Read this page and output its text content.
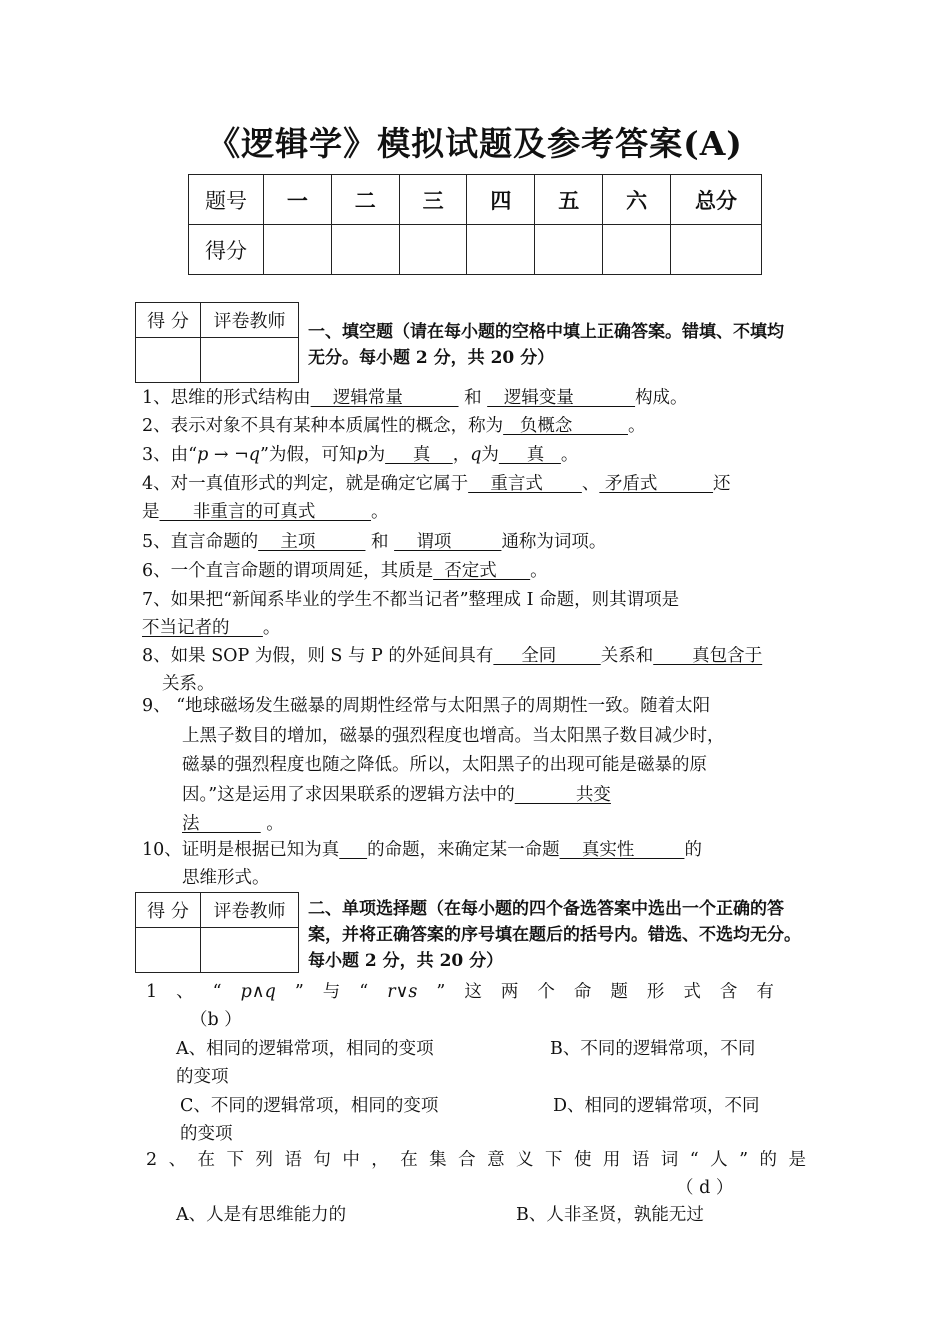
《逻辑学》模拟试题及参考答案(A)
题号	一	二	三	四	五	六	总分
得分							
得 分	评卷教师
	一、填空题（请在每小题的空格中填上正确答案。错填、不填均
无分。每小题 2 分，共 20 分）
1、思维的形式结构由    逻辑常量           和    逻辑变量           构成。
2、表示对象不具有某种本质属性的概念，称为   负概念          。
3、由“p → ¬q”为假，可知p为     真    ，q为     真   。
4、对一真值形式的判定，就是确定它属于    重言式       、 矛盾式          还
是      非重言的可真式          。
5、直言命题的    主项          和     谓项         通称为词项。
6、一个直言命题的谓项周延，其质是  否定式      。
7、如果把“新闻系毕业的学生不都当记者”整理成 I 命题，则其谓项是
不当记者的      。
8、如果 SOP 为假，则 S 与 P 的外延间具有     全同        关系和       真包含于
关系。
9、 “地球磁场发生磁暴的周期性经常与太阳黑子的周期性一致。随着太阳
上黑子数目的增加，磁暴的强烈程度也增高。当太阳黑子数目减少时，
磁暴的强烈程度也随之降低。所以，太阳黑子的出现可能是磁暴的原
因。”这是运用了求因果联系的逻辑方法中的           共变
法            。
10、证明是根据已知为真 的命题，来确定某一命题    真实性         的
思维形式。
得 分	评卷教师
	二、单项选择题（在每小题的四个备选答案中选出一个正确的答
案，并将正确答案的序号填在题后的括号内。错选、不选均无分。
每小题 2 分，共 20 分）
1 、 “ p∧q ” 与 “ r∨s ” 这 两 个 命 题 形 式 含 有
（b ）
A、相同的逻辑常项，相同的变项	B、不同的逻辑常项，不同
的变项
C、不同的逻辑常项，相同的变项	D、相同的逻辑常项，不同
的变项
2 、 在 下 列 语 句 中 ， 在 集 合 意 义 下 使 用 语 词 “ 人 ” 的 是
（ d ）
A、人是有思维能力的	B、人非圣贤，孰能无过
